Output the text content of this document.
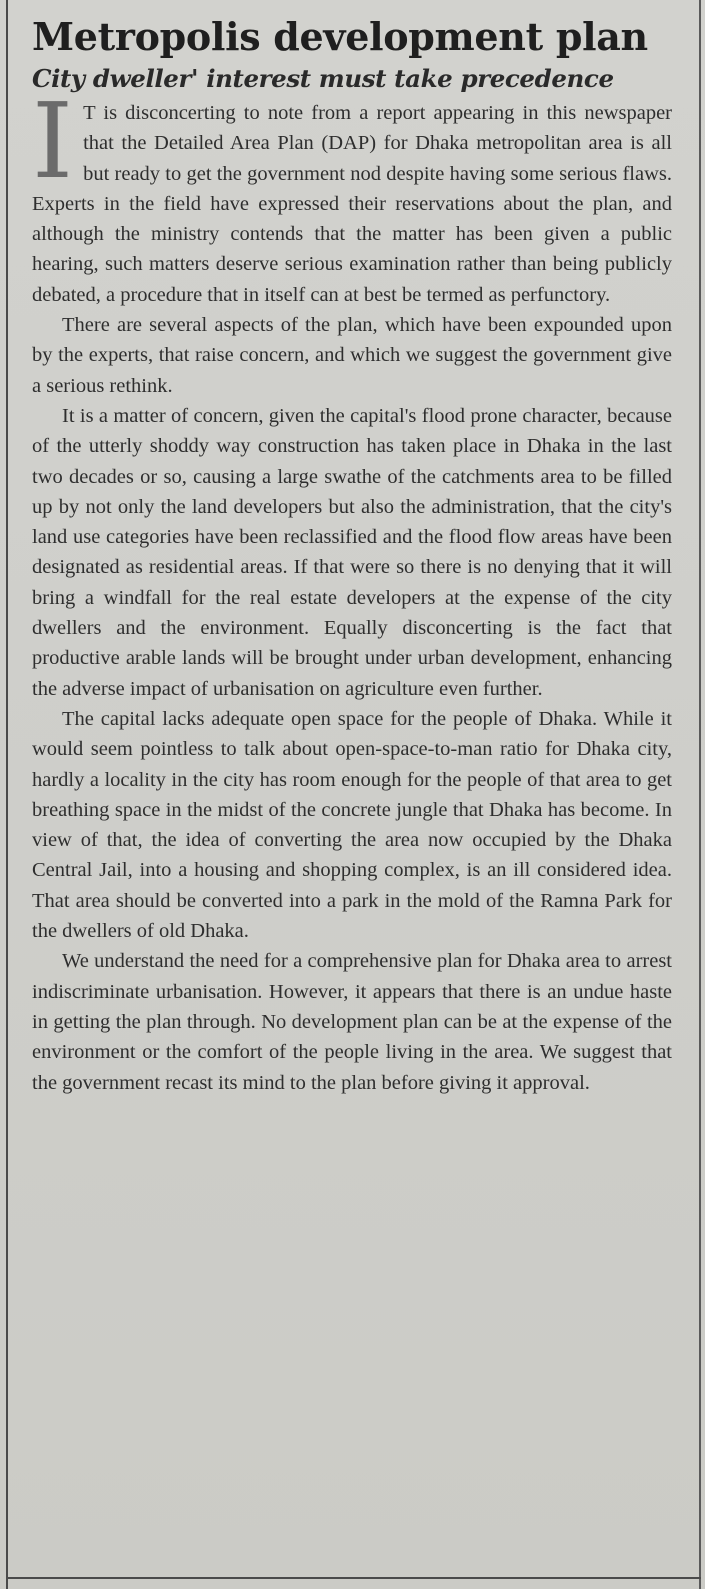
Metropolis development plan
City dweller' interest must take precedence

I T is disconcerting to note from a report appearing in this newspaper that the Detailed Area Plan (DAP) for Dhaka metropolitan area is all but ready to get the government nod despite having some serious flaws. Experts in the field have expressed their reservations about the plan, and although the ministry contends that the matter has been given a public hearing, such matters deserve serious examination rather than being publicly debated, a procedure that in itself can at best be termed as perfunctory.

There are several aspects of the plan, which have been expounded upon by the experts, that raise concern, and which we suggest the government give a serious rethink.

It is a matter of concern, given the capital's flood prone character, because of the utterly shoddy way construction has taken place in Dhaka in the last two decades or so, causing a large swathe of the catchments area to be filled up by not only the land developers but also the administration, that the city's land use categories have been reclassified and the flood flow areas have been designated as residential areas. If that were so there is no denying that it will bring a windfall for the real estate developers at the expense of the city dwellers and the environment. Equally disconcerting is the fact that productive arable lands will be brought under urban development, enhancing the adverse impact of urbanisation on agriculture even further.

The capital lacks adequate open space for the people of Dhaka. While it would seem pointless to talk about open-space-to-man ratio for Dhaka city, hardly a locality in the city has room enough for the people of that area to get breathing space in the midst of the concrete jungle that Dhaka has become. In view of that, the idea of converting the area now occupied by the Dhaka Central Jail, into a housing and shopping complex, is an ill considered idea. That area should be converted into a park in the mold of the Ramna Park for the dwellers of old Dhaka.

We understand the need for a comprehensive plan for Dhaka area to arrest indiscriminate urbanisation. However, it appears that there is an undue haste in getting the plan through. No development plan can be at the expense of the environment or the comfort of the people living in the area. We suggest that the government recast its mind to the plan before giving it approval.
